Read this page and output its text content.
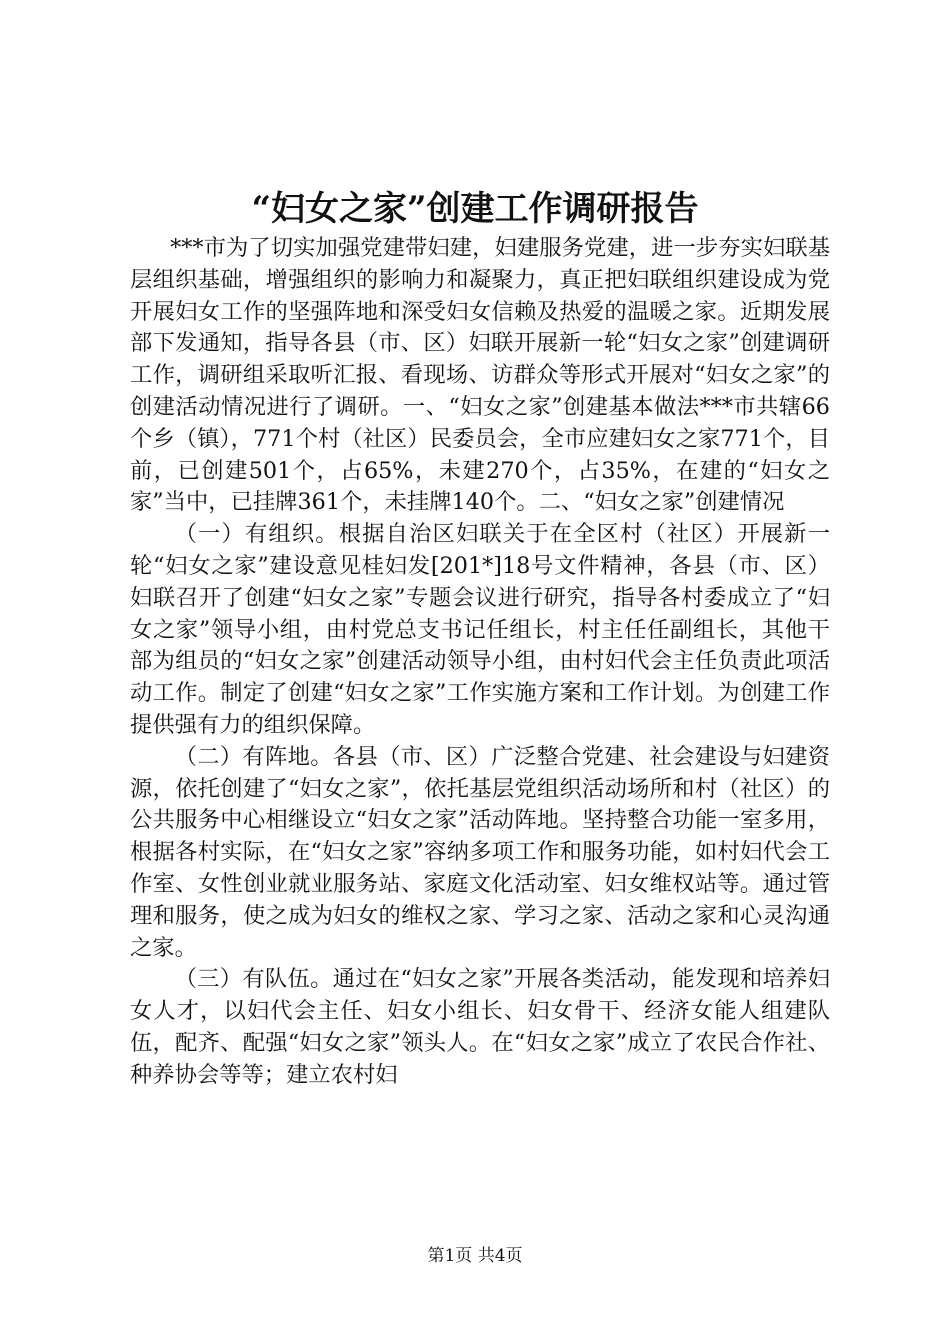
“妇女之家”创建工作调研报告

***市为了切实加强党建带妇建，妇建服务党建，进一步夯实妇联基层组织基础，增强组织的影响力和凝聚力，真正把妇联组织建设成为党开展妇女工作的坚强阵地和深受妇女信赖及热爱的温暖之家。近期发展部下发通知，指导各县（市、区）妇联开展新一轮“妇女之家”创建调研工作，调研组采取听汇报、看现场、访群众等形式开展对“妇女之家”的创建活动情况进行了调研。一、“妇女之家”创建基本做法***市共辖66个乡（镇），771个村（社区）民委员会，全市应建妇女之家771个，目前，已创建501个，占65%，未建270个，占35%，在建的“妇女之家”当中，已挂牌361个，未挂牌140个。二、“妇女之家”创建情况

（一）有组织。根据自治区妇联关于在全区村（社区）开展新一轮“妇女之家”建设意见桂妇发[201*]18号文件精神，各县（市、区）妇联召开了创建“妇女之家”专题会议进行研究，指导各村委成立了“妇女之家”领导小组，由村党总支书记任组长，村主任任副组长，其他干部为组员的“妇女之家”创建活动领导小组，由村妇代会主任负责此项活动工作。制定了创建“妇女之家”工作实施方案和工作计划。为创建工作提供强有力的组织保障。

（二）有阵地。各县（市、区）广泛整合党建、社会建设与妇建资源，依托创建了“妇女之家”，依托基层党组织活动场所和村（社区）的公共服务中心相继设立“妇女之家”活动阵地。坚持整合功能一室多用，根据各村实际，在“妇女之家”容纳多项工作和服务功能，如村妇代会工作室、女性创业就业服务站、家庭文化活动室、妇女维权站等。通过管理和服务，使之成为妇女的维权之家、学习之家、活动之家和心灵沟通之家。

（三）有队伍。通过在“妇女之家”开展各类活动，能发现和培养妇女人才，以妇代会主任、妇女小组长、妇女骨干、经济女能人组建队伍，配齐、配强“妇女之家”领头人。在“妇女之家”成立了农民合作社、种养协会等等；建立农村妇

第1页 共4页
